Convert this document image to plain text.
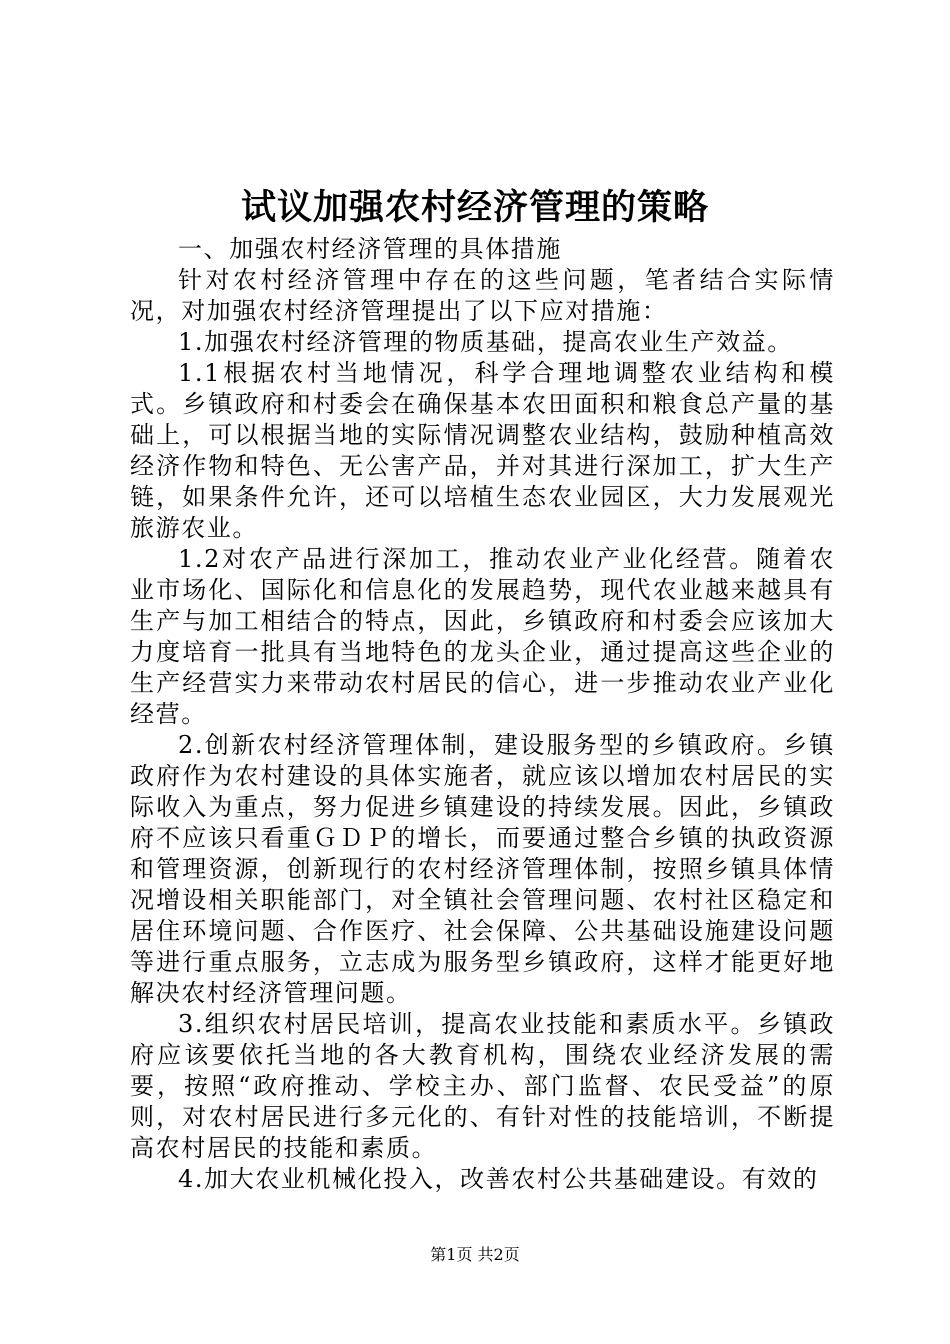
试议加强农村经济管理的策略

一、加强农村经济管理的具体措施

针对农村经济管理中存在的这些问题，笔者结合实际情况，对加强农村经济管理提出了以下应对措施：

1.加强农村经济管理的物质基础，提高农业生产效益。

1.1根据农村当地情况，科学合理地调整农业结构和模式。乡镇政府和村委会在确保基本农田面积和粮食总产量的基础上，可以根据当地的实际情况调整农业结构，鼓励种植高效经济作物和特色、无公害产品，并对其进行深加工，扩大生产链，如果条件允许，还可以培植生态农业园区，大力发展观光旅游农业。

1.2对农产品进行深加工，推动农业产业化经营。随着农业市场化、国际化和信息化的发展趋势，现代农业越来越具有生产与加工相结合的特点，因此，乡镇政府和村委会应该加大力度培育一批具有当地特色的龙头企业，通过提高这些企业的生产经营实力来带动农村居民的信心，进一步推动农业产业化经营。

2.创新农村经济管理体制，建设服务型的乡镇政府。乡镇政府作为农村建设的具体实施者，就应该以增加农村居民的实际收入为重点，努力促进乡镇建设的持续发展。因此，乡镇政府不应该只看重ＧＤＰ的增长，而要通过整合乡镇的执政资源和管理资源，创新现行的农村经济管理体制，按照乡镇具体情况增设相关职能部门，对全镇社会管理问题、农村社区稳定和居住环境问题、合作医疗、社会保障、公共基础设施建设问题等进行重点服务，立志成为服务型乡镇政府，这样才能更好地解决农村经济管理问题。

3.组织农村居民培训，提高农业技能和素质水平。乡镇政府应该要依托当地的各大教育机构，围绕农业经济发展的需要，按照“政府推动、学校主办、部门监督、农民受益”的原则，对农村居民进行多元化的、有针对性的技能培训，不断提高农村居民的技能和素质。

4.加大农业机械化投入，改善农村公共基础建设。有效的

第1页 共2页
